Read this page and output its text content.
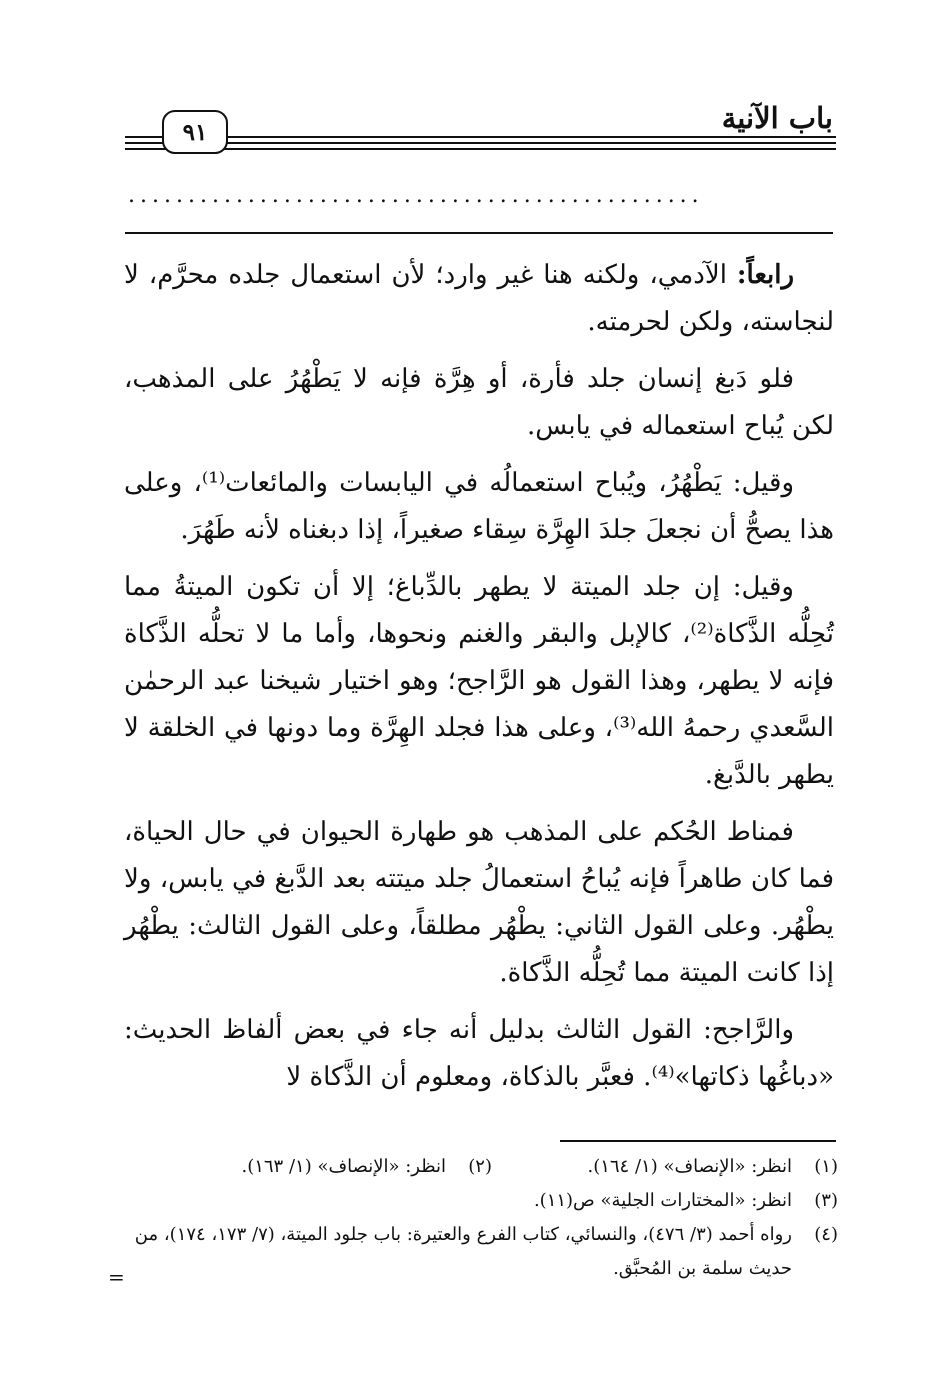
باب الآنية
٩١
................................................

رابعاً: الآدمي، ولكنه هنا غير وارد؛ لأن استعمال جلده محرَّم، لا لنجاسته، ولكن لحرمته.

فلو دَبغ إنسان جلد فأرة، أو هِرَّة فإنه لا يَطْهُرُ على المذهب، لكن يُباح استعماله في يابس.

وقيل: يَطْهُرُ، ويُباح استعمالُه في اليابسات والمائعات⁽¹⁾، وعلى هذا يصحُّ أن نجعلَ جلدَ الهِرَّة سِقاء صغيراً، إذا دبغناه لأنه طَهُرَ.

وقيل: إن جلد الميتة لا يطهر بالدِّباغ؛ إلا أن تكون الميتةُ مما تُحِلُّه الذَّكاة⁽²⁾، كالإبل والبقر والغنم ونحوها، وأما ما لا تحلُّه الذَّكاة فإنه لا يطهر، وهذا القول هو الرَّاجح؛ وهو اختيار شيخنا عبد الرحمٰن السَّعدي رحمهُ الله⁽³⁾، وعلى هذا فجلد الهِرَّة وما دونها في الخلقة لا يطهر بالدَّبغ.

فمناط الحُكم على المذهب هو طهارة الحيوان في حال الحياة، فما كان طاهراً فإنه يُباحُ استعمالُ جلد ميتته بعد الدَّبغ في يابس، ولا يطْهُر. وعلى القول الثاني: يطْهُر مطلقاً، وعلى القول الثالث: يطْهُر إذا كانت الميتة مما تُحِلُّه الذَّكاة.

والرَّاجح: القول الثالث بدليل أنه جاء في بعض ألفاظ الحديث: «دباغُها ذكاتها»⁽⁴⁾. فعبَّر بالذكاة، ومعلوم أن الذَّكاة لا

(١)
انظر: «الإنصاف» (١/ ١٦٤).
(٢)
انظر: «الإنصاف» (١/ ١٦٣).
(٣)
انظر: «المختارات الجلية» ص(١١).
(٤)
رواه أحمد (٣/ ٤٧٦)، والنسائي، كتاب الفرع والعتيرة: باب جلود الميتة، (٧/ ١٧٣، ١٧٤)، من حديث سلمة بن المُحبَّق.
=
